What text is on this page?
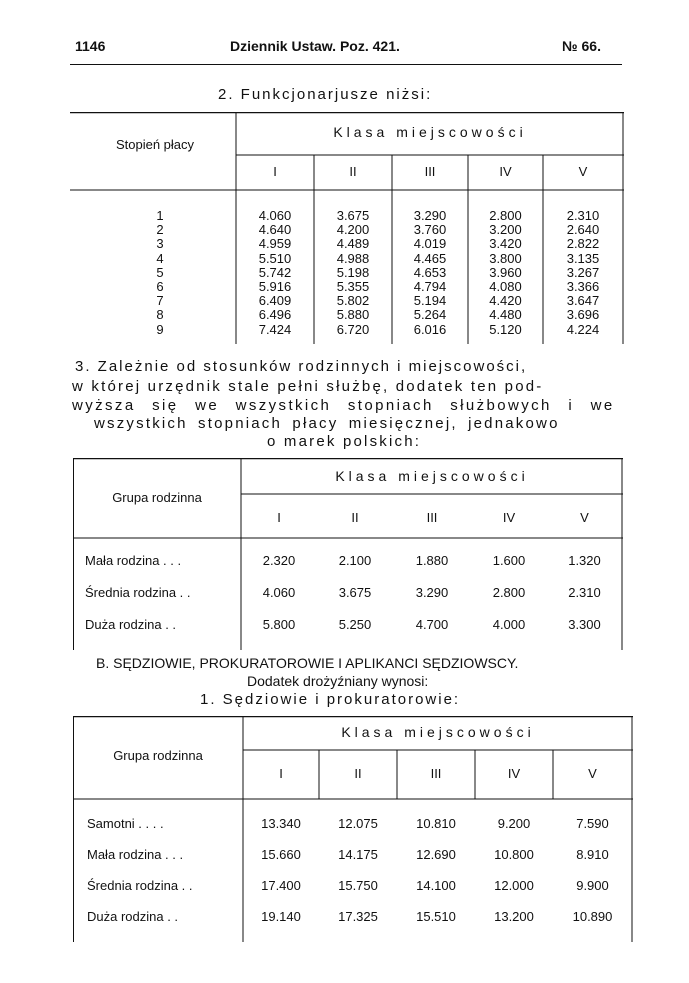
1146	Dziennik Ustaw. Poz. 421.	№ 66.
2. Funkcjonarjusze niżsi:
Stopień płacy
Klasa miejscowości
I	II	III	IV	V
1	4.060	3.675	3.290	2.800	2.310
2	4.640	4.200	3.760	3.200	2.640
3	4.959	4.489	4.019	3.420	2.822
4	5.510	4.988	4.465	3.800	3.135
5	5.742	5.198	4.653	3.960	3.267
6	5.916	5.355	4.794	4.080	3.366
7	6.409	5.802	5.194	4.420	3.647
8	6.496	5.880	5.264	4.480	3.696
9	7.424	6.720	6.016	5.120	4.224
3. Zależnie od stosunków rodzinnych i miejscowości,
w której urzędnik stale pełni służbę, dodatek ten pod-
wyższa się we wszystkich stopniach służbowych i we
wszystkich stopniach płacy miesięcznej, jednakowo
o marek polskich:
Grupa rodzinna
Klasa miejscowości
I	II	III	IV	V
Mała rodzina . . .	2.320	2.100	1.880	1.600	1.320
Średnia rodzina . .	4.060	3.675	3.290	2.800	2.310
Duża rodzina . .	5.800	5.250	4.700	4.000	3.300
B. SĘDZIOWIE, PROKURATOROWIE I APLIKANCI SĘDZIOWSCY.
Dodatek drożyźniany wynosi:
1. Sędziowie i prokuratorowie:
Grupa rodzinna
Klasa miejscowości
I	II	III	IV	V
Samotni . . . .	13.340	12.075	10.810	9.200	7.590
Mała rodzina . . .	15.660	14.175	12.690	10.800	8.910
Średnia rodzina . .	17.400	15.750	14.100	12.000	9.900
Duża rodzina . .	19.140	17.325	15.510	13.200	10.890
